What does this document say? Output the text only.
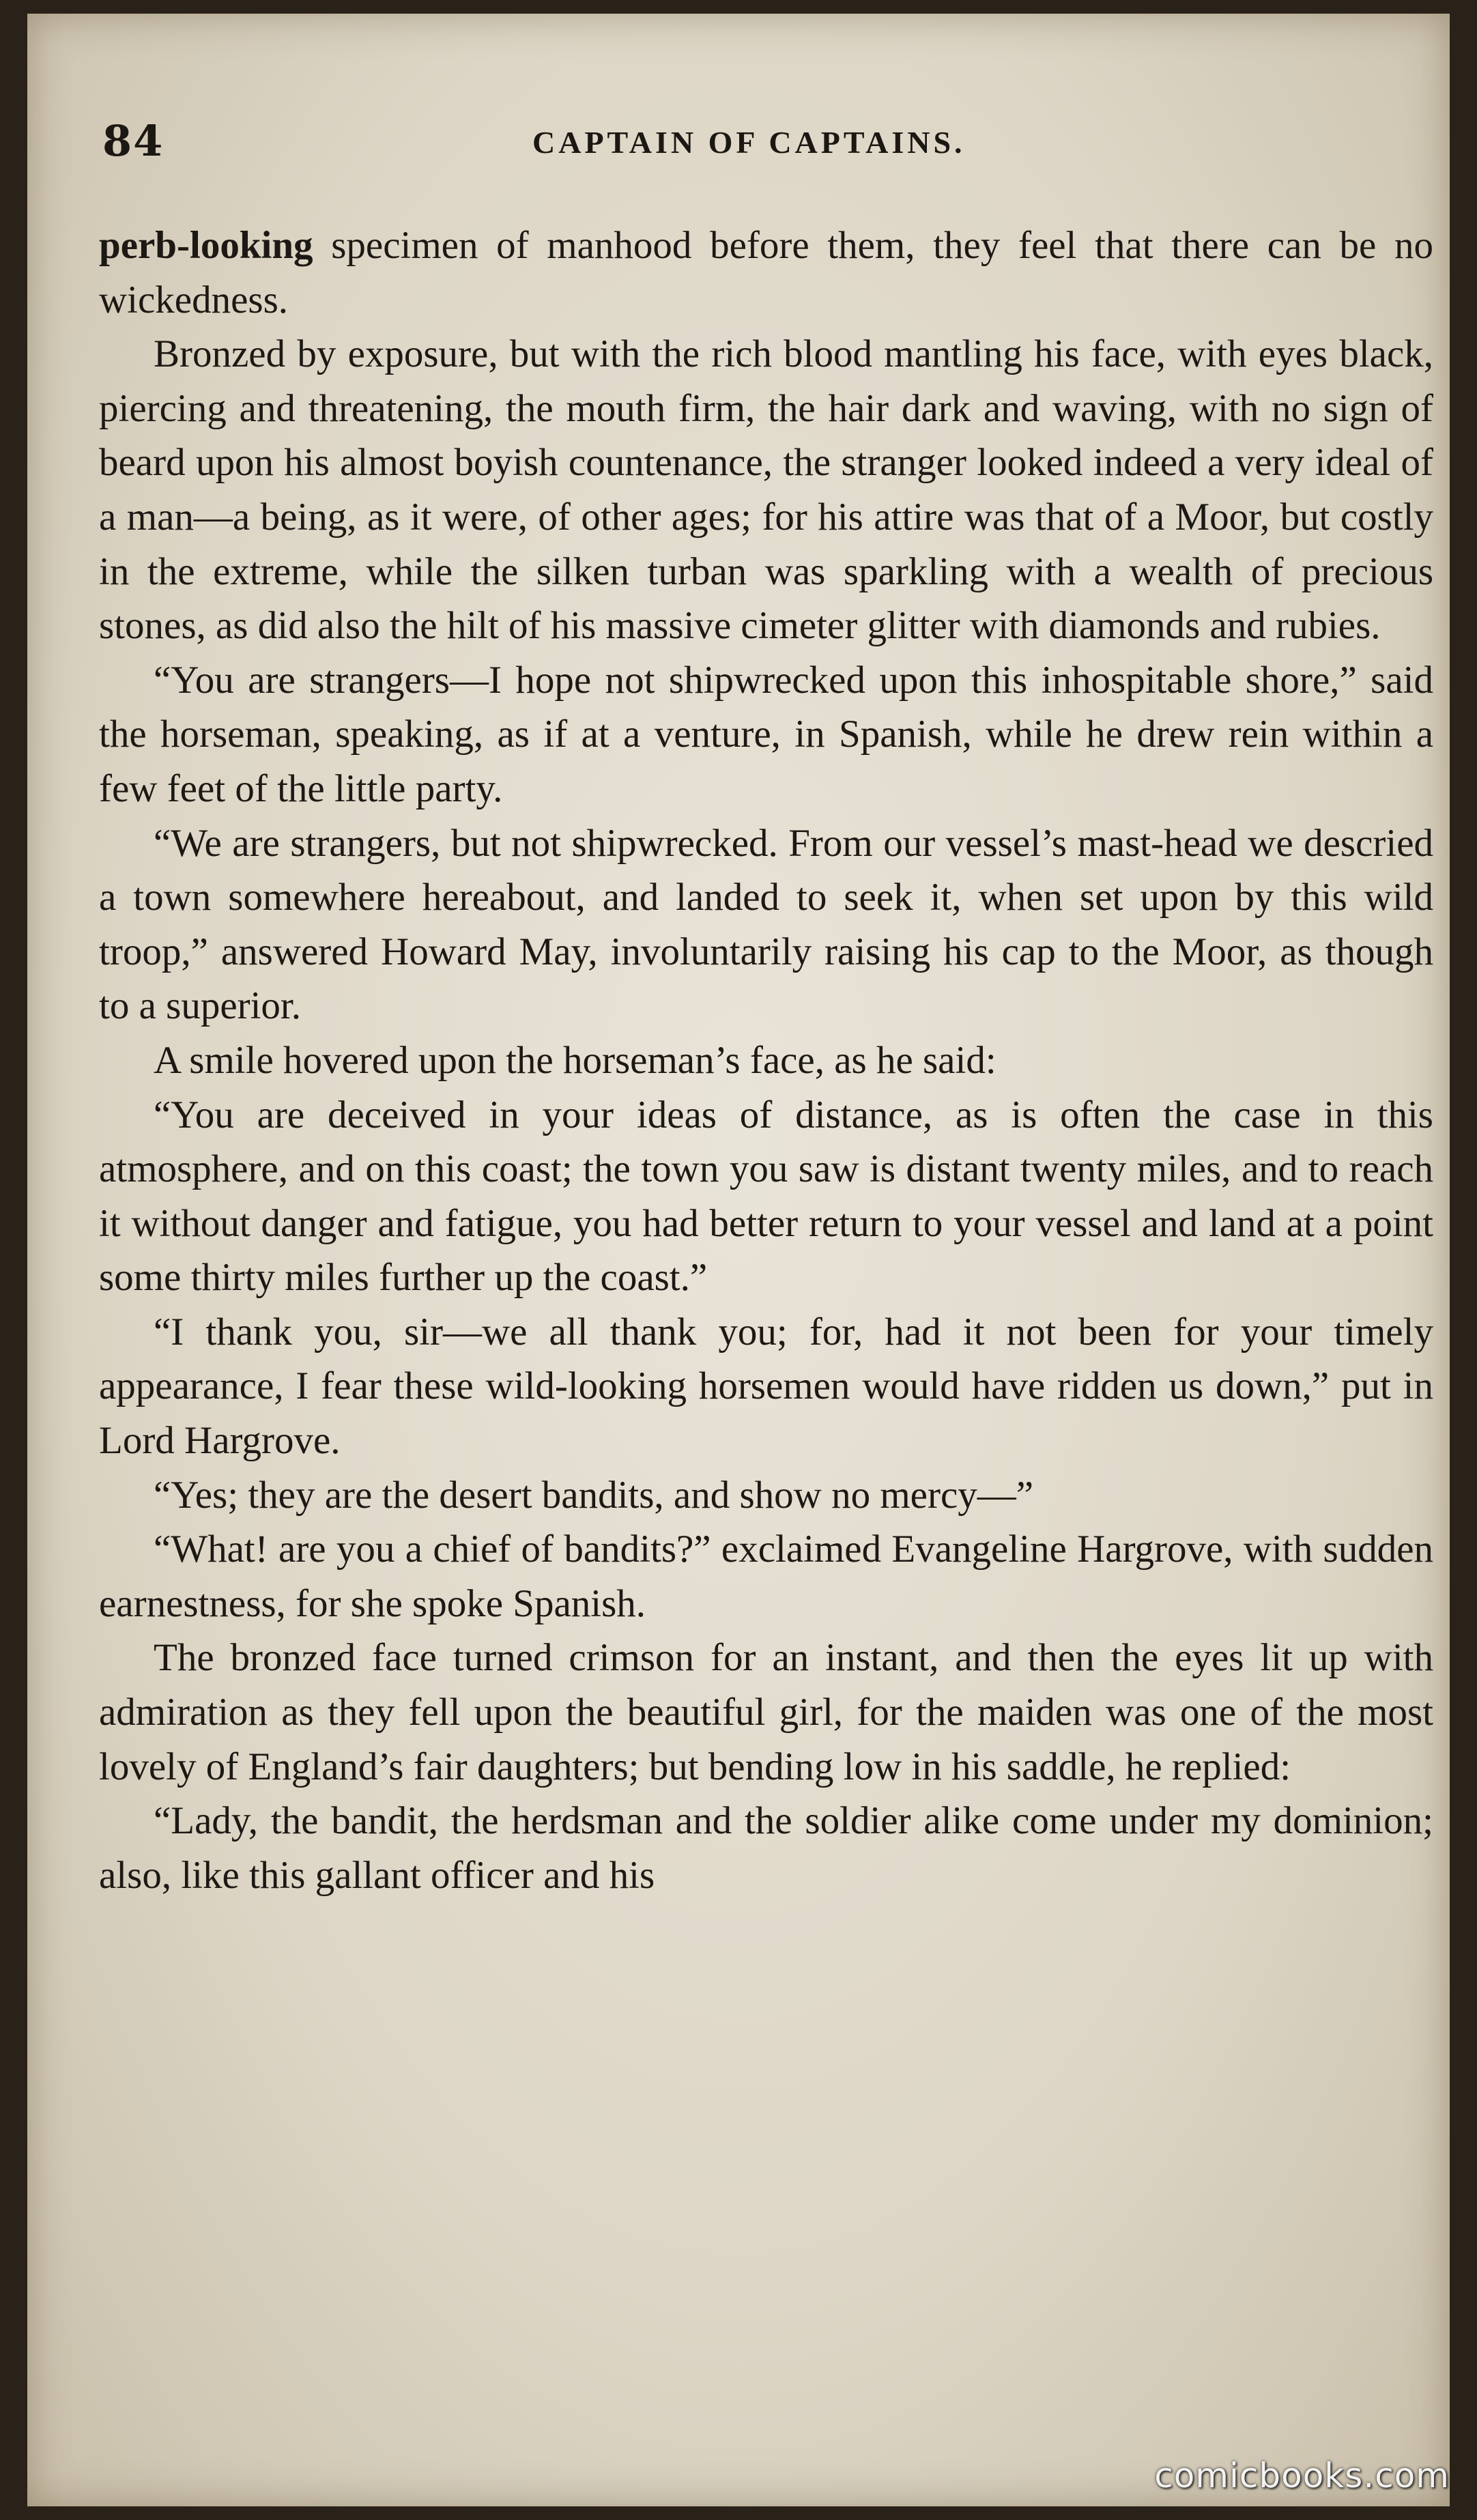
84	CAPTAIN OF CAPTAINS.

perb-looking specimen of manhood before them, they feel that there can be no wickedness.

Bronzed by exposure, but with the rich blood mantling his face, with eyes black, piercing and threatening, the mouth firm, the hair dark and waving, with no sign of beard upon his almost boyish countenance, the stranger looked indeed a very ideal of a man—a being, as it were, of other ages; for his attire was that of a Moor, but costly in the extreme, while the silken turban was sparkling with a wealth of precious stones, as did also the hilt of his massive cimeter glitter with diamonds and rubies.

“You are strangers—I hope not shipwrecked upon this inhospitable shore,” said the horseman, speaking, as if at a venture, in Spanish, while he drew rein within a few feet of the little party.

“We are strangers, but not shipwrecked. From our vessel’s mast-head we descried a town somewhere hereabout, and landed to seek it, when set upon by this wild troop,” answered Howard May, involuntarily raising his cap to the Moor, as though to a superior.

A smile hovered upon the horseman’s face, as he said:

“You are deceived in your ideas of distance, as is often the case in this atmosphere, and on this coast; the town you saw is distant twenty miles, and to reach it without danger and fatigue, you had better return to your vessel and land at a point some thirty miles further up the coast.”

“I thank you, sir—we all thank you; for, had it not been for your timely appearance, I fear these wild-looking horsemen would have ridden us down,” put in Lord Hargrove.

“Yes; they are the desert bandits, and show no mercy—”

“What! are you a chief of bandits?” exclaimed Evangeline Hargrove, with sudden earnestness, for she spoke Spanish.

The bronzed face turned crimson for an instant, and then the eyes lit up with admiration as they fell upon the beautiful girl, for the maiden was one of the most lovely of England’s fair daughters; but bending low in his saddle, he replied:

“Lady, the bandit, the herdsman and the soldier alike come under my dominion; also, like this gallant officer and his

comicbooks.com
